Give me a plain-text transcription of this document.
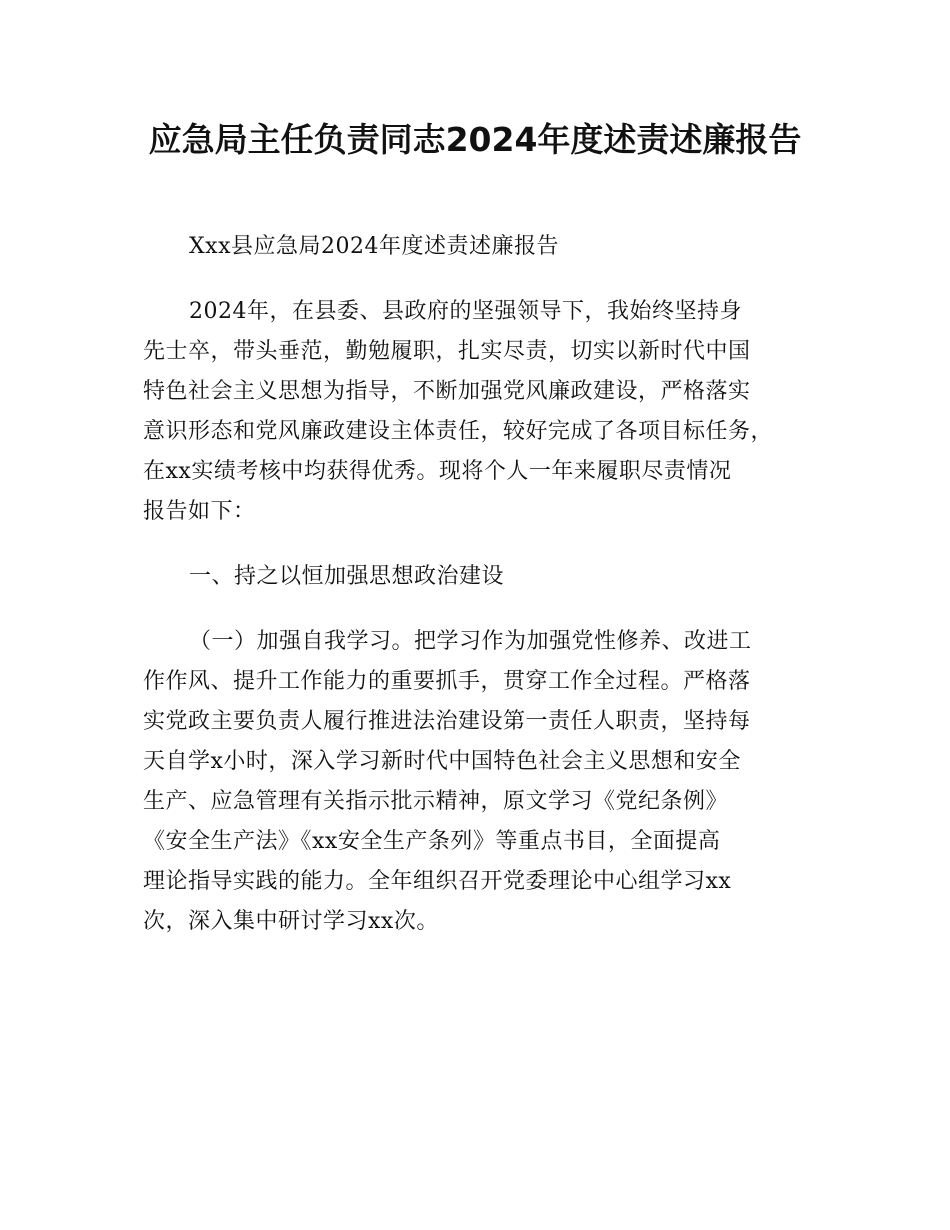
应急局主任负责同志2024年度述责述廉报告

Xxx县应急局2024年度述责述廉报告

2024年，在县委、县政府的坚强领导下，我始终坚持身
先士卒，带头垂范，勤勉履职，扎实尽责，切实以新时代中国
特色社会主义思想为指导，不断加强党风廉政建设，严格落实
意识形态和党风廉政建设主体责任，较好完成了各项目标任务，
在xx实绩考核中均获得优秀。现将个人一年来履职尽责情况
报告如下：

一、持之以恒加强思想政治建设

（一）加强自我学习。把学习作为加强党性修养、改进工
作作风、提升工作能力的重要抓手，贯穿工作全过程。严格落
实党政主要负责人履行推进法治建设第一责任人职责，坚持每
天自学x小时，深入学习新时代中国特色社会主义思想和安全
生产、应急管理有关指示批示精神，原文学习《党纪条例》
《安全生产法》《xx安全生产条列》等重点书目，全面提高
理论指导实践的能力。全年组织召开党委理论中心组学习xx
次，深入集中研讨学习xx次。
